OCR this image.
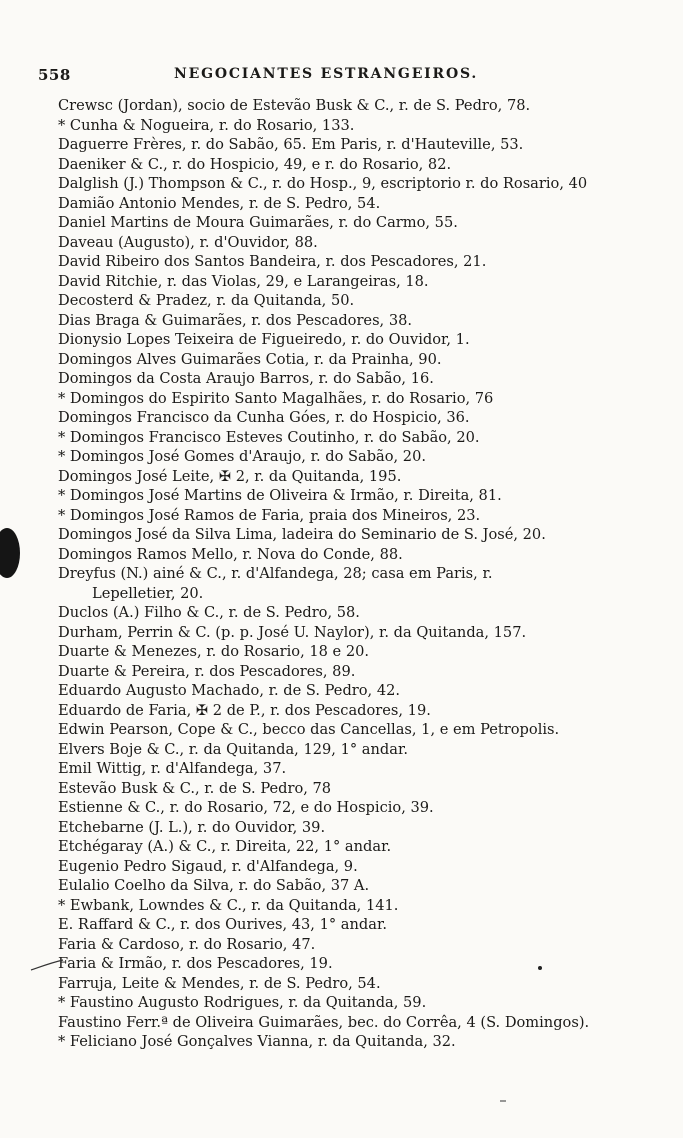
558	NEGOCIANTES ESTRANGEIROS.
Crewsc (Jordan), socio de Estevão Busk & C., r. de S. Pedro, 78.
* Cunha & Nogueira, r. do Rosario, 133.
Daguerre Frères, r. do Sabão, 65. Em Paris, r. d'Hauteville, 53.
Daeniker & C., r. do Hospicio, 49, e r. do Rosario, 82.
Dalglish (J.) Thompson & C., r. do Hosp., 9, escriptorio r. do Rosario, 40
Damião Antonio Mendes, r. de S. Pedro, 54.
Daniel Martins de Moura Guimarães, r. do Carmo, 55.
Daveau (Augusto), r. d'Ouvidor, 88.
David Ribeiro dos Santos Bandeira, r. dos Pescadores, 21.
David Ritchie, r. das Violas, 29, e Larangeiras, 18.
Decosterd & Pradez, r. da Quitanda, 50.
Dias Braga & Guimarães, r. dos Pescadores, 38.
Dionysio Lopes Teixeira de Figueiredo, r. do Ouvidor, 1.
Domingos Alves Guimarães Cotia, r. da Prainha, 90.
Domingos da Costa Araujo Barros, r. do Sabão, 16.
* Domingos do Espirito Santo Magalhães, r. do Rosario, 76
Domingos Francisco da Cunha Góes, r. do Hospicio, 36.
* Domingos Francisco Esteves Coutinho, r. do Sabão, 20.
* Domingos José Gomes d'Araujo, r. do Sabão, 20.
Domingos José Leite, ✠ 2, r. da Quitanda, 195.
* Domingos José Martins de Oliveira & Irmão, r. Direita, 81.
* Domingos José Ramos de Faria, praia dos Mineiros, 23.
Domingos José da Silva Lima, ladeira do Seminario de S. José, 20.
Domingos Ramos Mello, r. Nova do Conde, 88.
Dreyfus (N.) ainé & C., r. d'Alfandega, 28; casa em Paris, r.
Lepelletier, 20.
Duclos (A.) Filho & C., r. de S. Pedro, 58.
Durham, Perrin & C. (p. p. José U. Naylor), r. da Quitanda, 157.
Duarte & Menezes, r. do Rosario, 18 e 20.
Duarte & Pereira, r. dos Pescadores, 89.
Eduardo Augusto Machado, r. de S. Pedro, 42.
Eduardo de Faria, ✠ 2 de P., r. dos Pescadores, 19.
Edwin Pearson, Cope & C., becco das Cancellas, 1, e em Petropolis.
Elvers Boje & C., r. da Quitanda, 129, 1° andar.
Emil Wittig, r. d'Alfandega, 37.
Estevão Busk & C., r. de S. Pedro, 78
Estienne & C., r. do Rosario, 72, e do Hospicio, 39.
Etchebarne (J. L.), r. do Ouvidor, 39.
Etchégaray (A.) & C., r. Direita, 22, 1° andar.
Eugenio Pedro Sigaud, r. d'Alfandega, 9.
Eulalio Coelho da Silva, r. do Sabão, 37 A.
* Ewbank, Lowndes & C., r. da Quitanda, 141.
E. Raffard & C., r. dos Ourives, 43, 1° andar.
Faria & Cardoso, r. do Rosario, 47.
Faria & Irmão, r. dos Pescadores, 19.
Farruja, Leite & Mendes, r. de S. Pedro, 54.
* Faustino Augusto Rodrigues, r. da Quitanda, 59.
Faustino Ferr.ª de Oliveira Guimarães, bec. do Corrêa, 4 (S. Domingos).
* Feliciano José Gonçalves Vianna, r. da Quitanda, 32.
